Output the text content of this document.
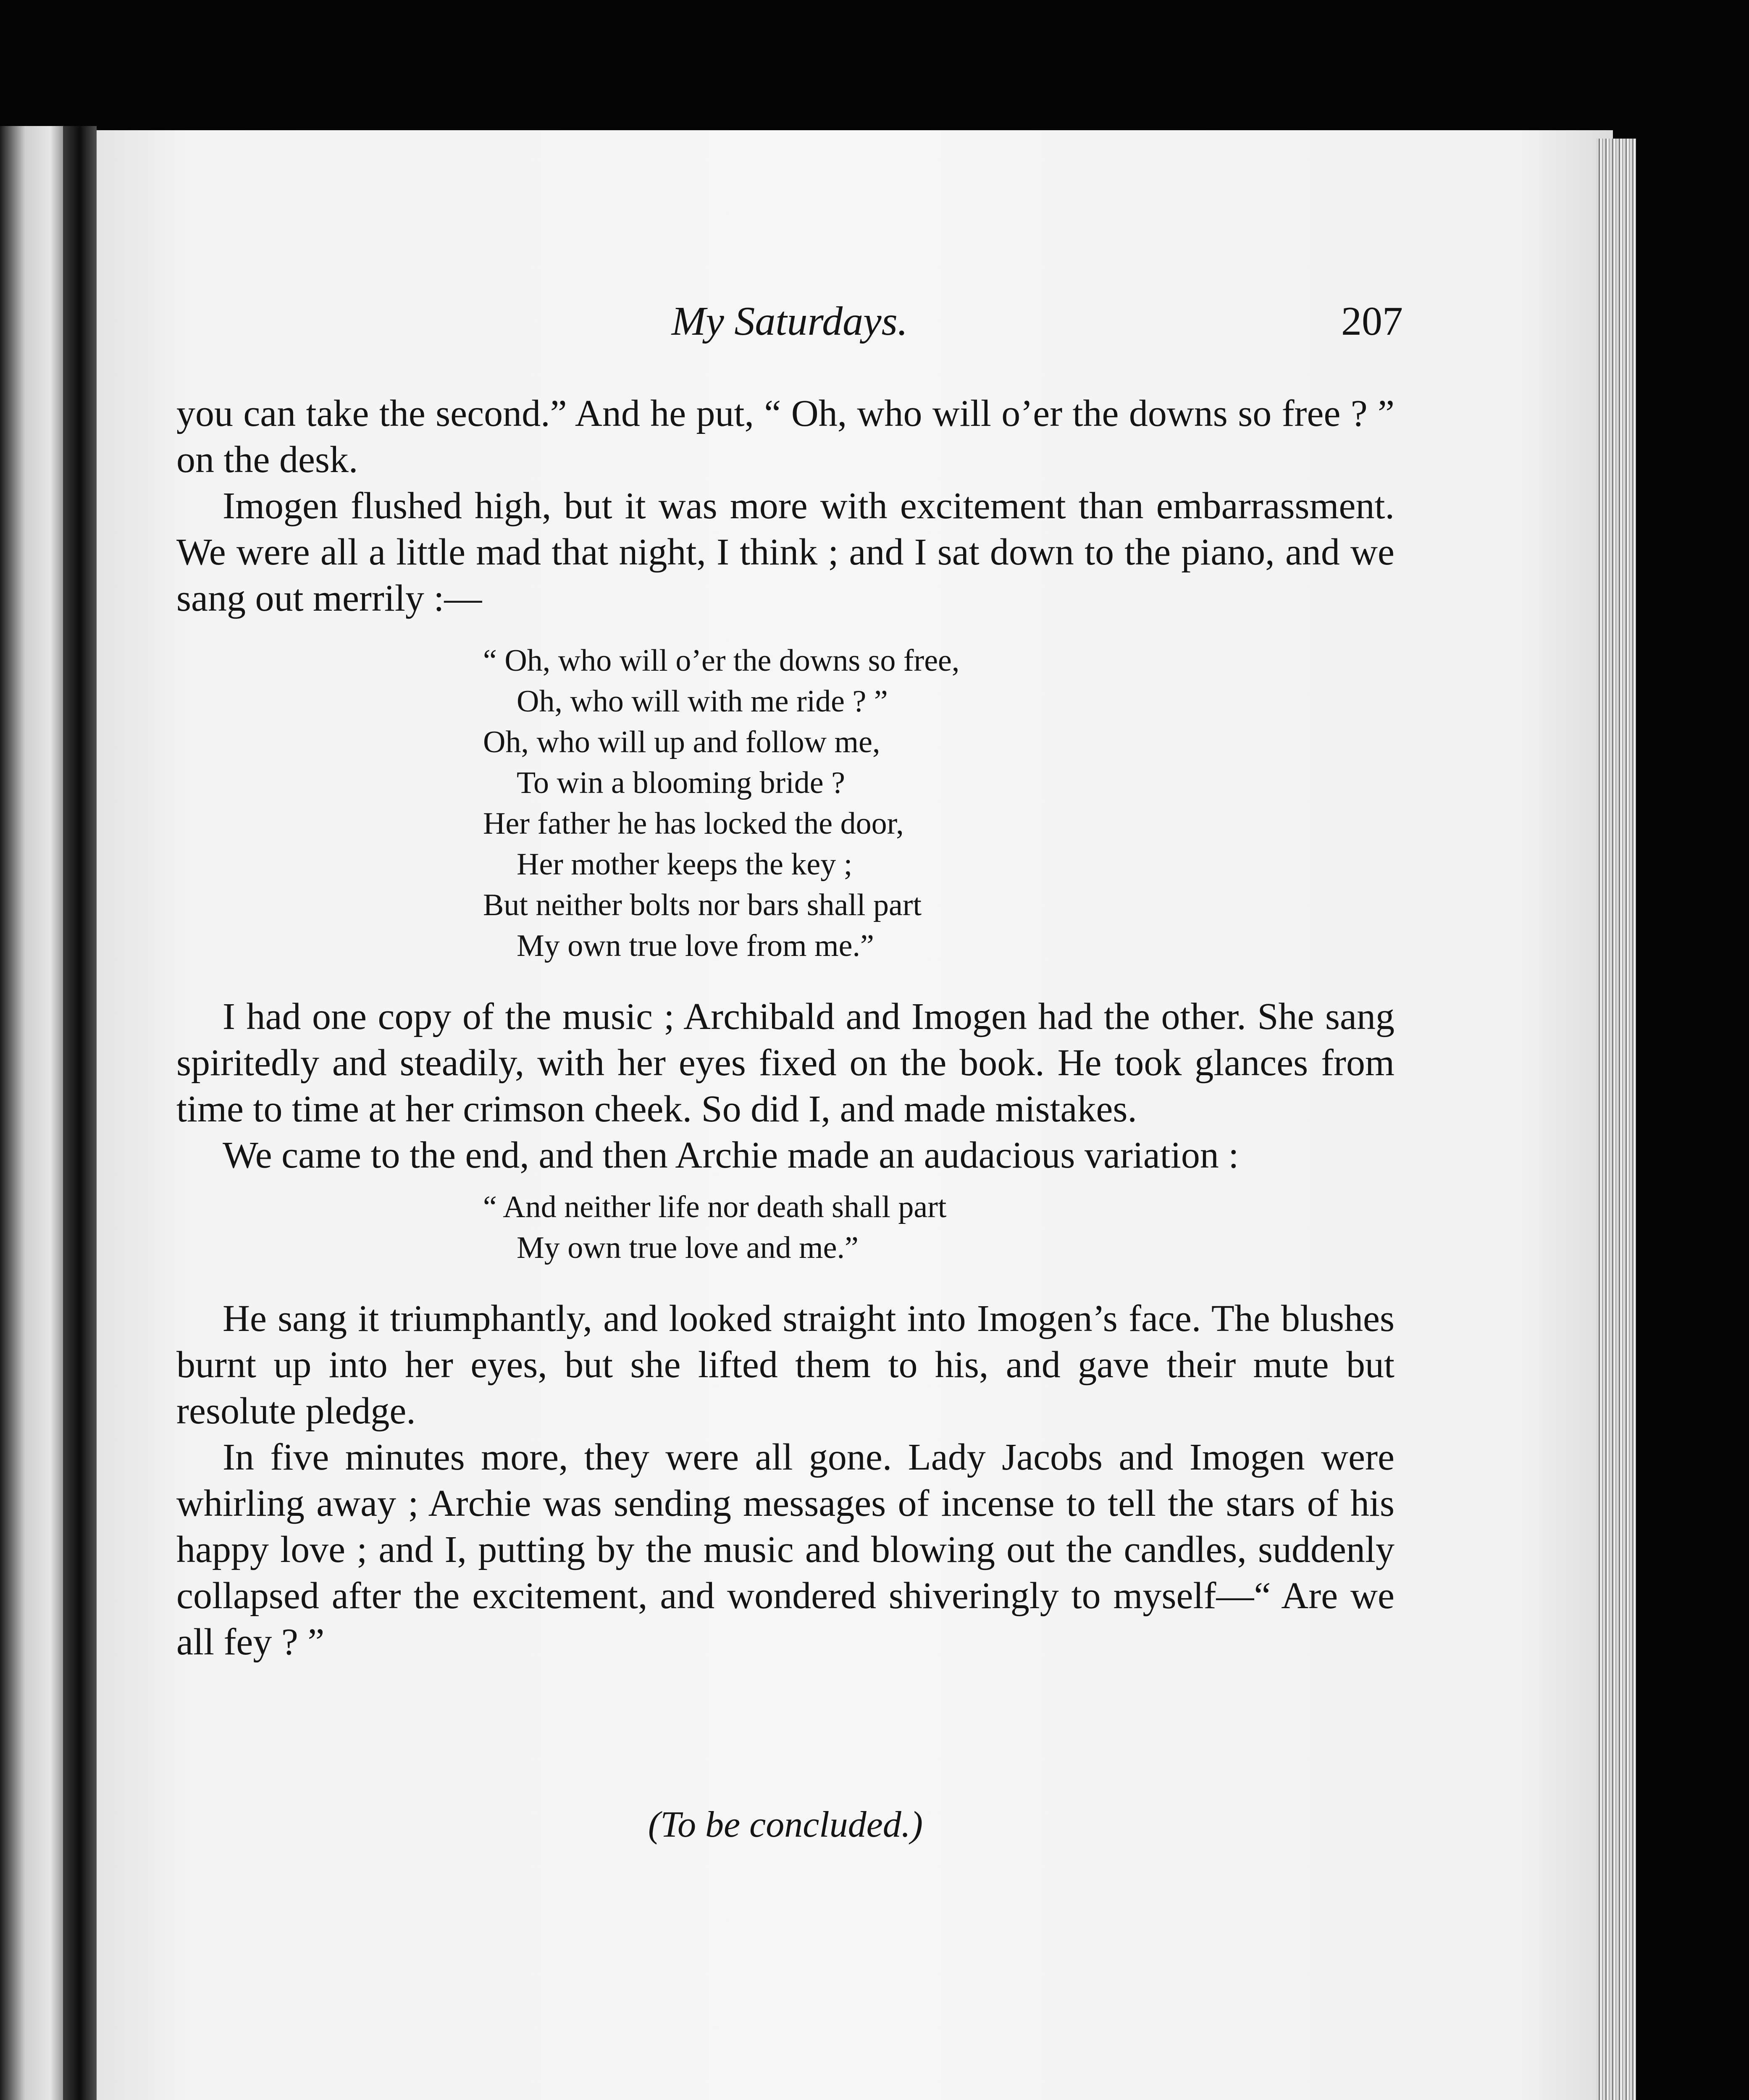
My Saturdays.	207

you can take the second.” And he put, “ Oh, who will o’er the downs so free ? ” on the desk.

Imogen flushed high, but it was more with excitement than embarrassment. We were all a little mad that night, I think ; and I sat down to the piano, and we sang out merrily :—

“ Oh, who will o’er the downs so free,
Oh, who will with me ride ? ”
Oh, who will up and follow me,
To win a blooming bride ?
Her father he has locked the door,
Her mother keeps the key ;
But neither bolts nor bars shall part
My own true love from me.”

I had one copy of the music ; Archibald and Imogen had the other. She sang spiritedly and steadily, with her eyes fixed on the book. He took glances from time to time at her crimson cheek. So did I, and made mistakes.

We came to the end, and then Archie made an audacious variation :

“ And neither life nor death shall part
My own true love and me.”

He sang it triumphantly, and looked straight into Imogen’s face. The blushes burnt up into her eyes, but she lifted them to his, and gave their mute but resolute pledge.

In five minutes more, they were all gone. Lady Jacobs and Imogen were whirling away ; Archie was sending messages of incense to tell the stars of his happy love ; and I, putting by the music and blowing out the candles, suddenly collapsed after the excitement, and wondered shiveringly to myself—“ Are we all fey ? ”

(To be concluded.)
